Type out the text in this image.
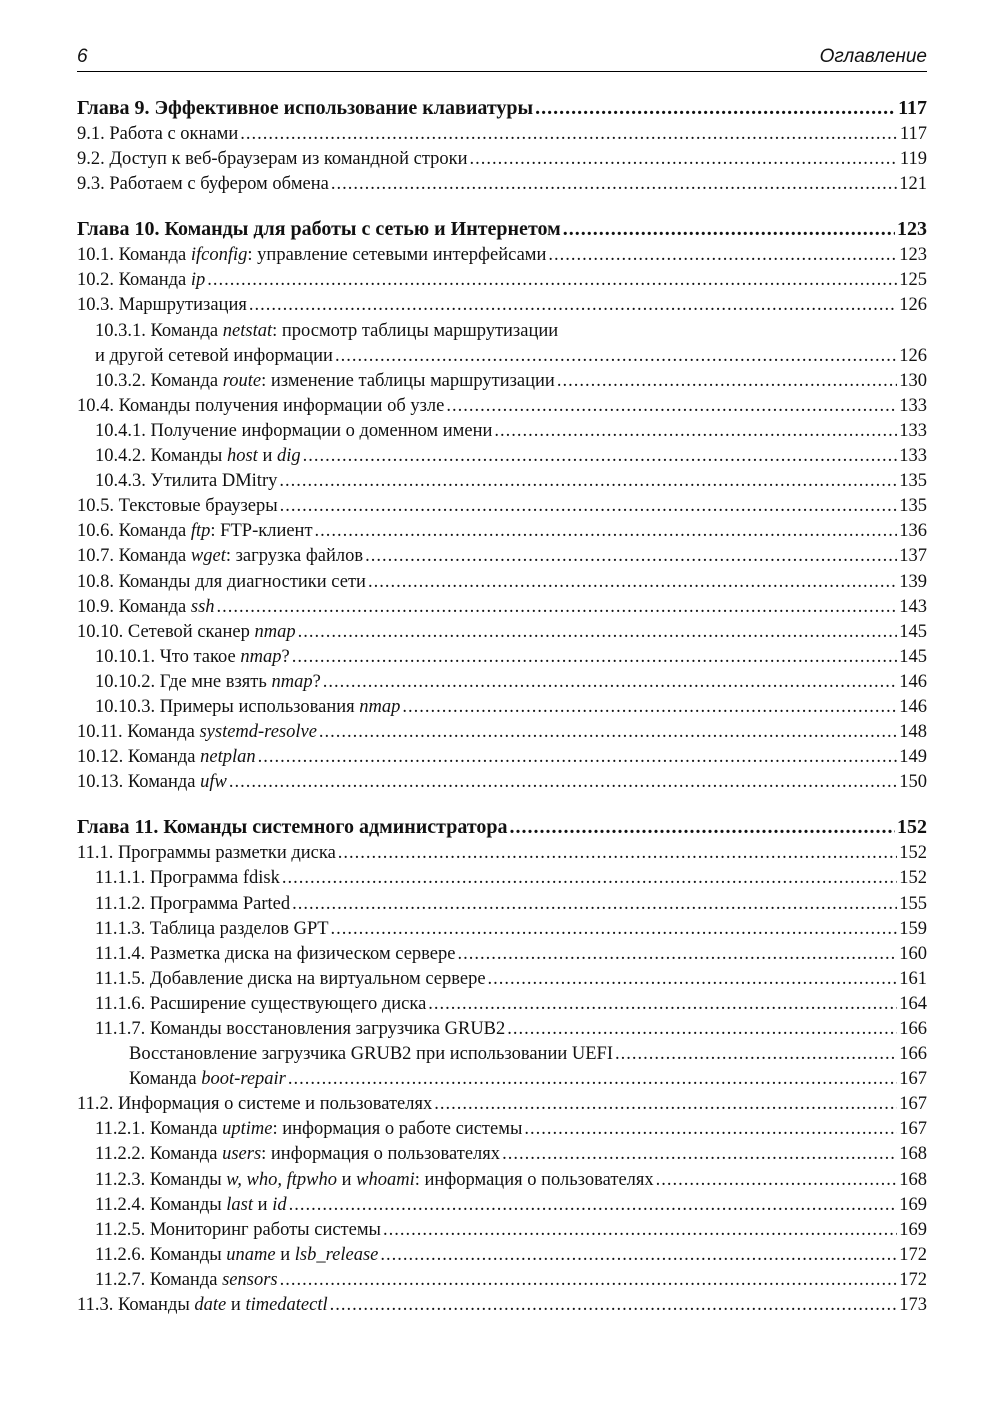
6	Оглавление
Глава 9. Эффективное использование клавиатуры .....	117
9.1. Работа с окнами .....	117
9.2. Доступ к веб-браузерам из командной строки .....	119
9.3. Работаем с буфером обмена .....	121
Глава 10. Команды для работы с сетью и Интернетом .....	123
10.1. Команда ifconfig: управление сетевыми интерфейсами .....	123
10.2. Команда ip .....	125
10.3. Маршрутизация .....	126
10.3.1. Команда netstat: просмотр таблицы маршрутизации
и другой сетевой информации .....	126
10.3.2. Команда route: изменение таблицы маршрутизации .....	130
10.4. Команды получения информации об узле .....	133
10.4.1. Получение информации о доменном имени .....	133
10.4.2. Команды host и dig .....	133
10.4.3. Утилита DMitry .....	135
10.5. Текстовые браузеры .....	135
10.6. Команда ftp: FTP-клиент .....	136
10.7. Команда wget: загрузка файлов .....	137
10.8. Команды для диагностики сети .....	139
10.9. Команда ssh .....	143
10.10. Сетевой сканер nmap .....	145
10.10.1. Что такое nmap? .....	145
10.10.2. Где мне взять nmap? .....	146
10.10.3. Примеры использования nmap .....	146
10.11. Команда systemd-resolve .....	148
10.12. Команда netplan .....	149
10.13. Команда ufw .....	150
Глава 11. Команды системного администратора .....	152
11.1. Программы разметки диска .....	152
11.1.1. Программа fdisk .....	152
11.1.2. Программа Parted .....	155
11.1.3. Таблица разделов GPT .....	159
11.1.4. Разметка диска на физическом сервере .....	160
11.1.5. Добавление диска на виртуальном сервере .....	161
11.1.6. Расширение существующего диска .....	164
11.1.7. Команды восстановления загрузчика GRUB2 .....	166
Восстановление загрузчика GRUB2 при использовании UEFI .....	166
Команда boot-repair .....	167
11.2. Информация о системе и пользователях .....	167
11.2.1. Команда uptime: информация о работе системы .....	167
11.2.2. Команда users: информация о пользователях .....	168
11.2.3. Команды w, who, ftpwho и whoami: информация о пользователях .....	168
11.2.4. Команды last и id .....	169
11.2.5. Мониторинг работы системы .....	169
11.2.6. Команды uname и lsb_release .....	172
11.2.7. Команда sensors .....	172
11.3. Команды date и timedatectl .....	173
